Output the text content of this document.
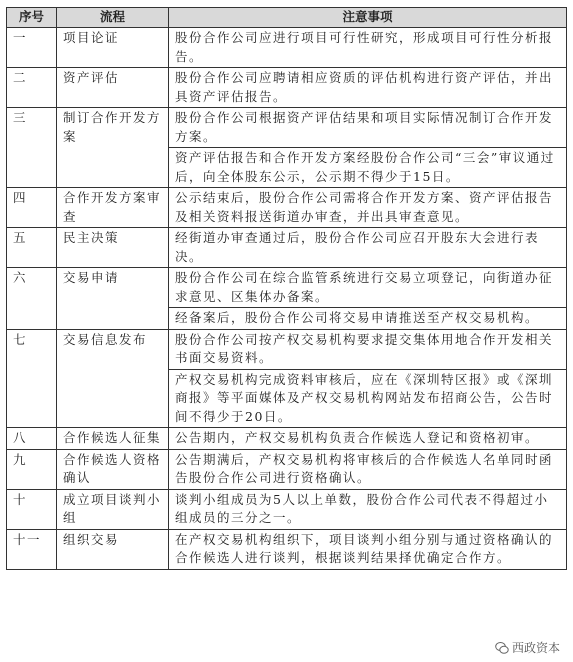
序号	流程	注意事项
一	项目论证	股份合作公司应进行项目可行性研究，形成项目可行性分析报告。
二	资产评估	股份合作公司应聘请相应资质的评估机构进行资产评估，并出具资产评估报告。
三	制订合作开发方案	股份合作公司根据资产评估结果和项目实际情况制订合作开发方案。
		资产评估报告和合作开发方案经股份合作公司“三会”审议通过后，向全体股东公示，公示期不得少于15日。
四	合作开发方案审查	公示结束后，股份合作公司需将合作开发方案、资产评估报告及相关资料报送街道办审查，并出具审查意见。
五	民主决策	经街道办审查通过后，股份合作公司应召开股东大会进行表决。
六	交易申请	股份合作公司在综合监管系统进行交易立项登记，向街道办征求意见、区集体办备案。
		经备案后，股份合作公司将交易申请推送至产权交易机构。
七	交易信息发布	股份合作公司按产权交易机构要求提交集体用地合作开发相关书面交易资料。
		产权交易机构完成资料审核后，应在《深圳特区报》或《深圳商报》等平面媒体及产权交易机构网站发布招商公告，公告时间不得少于20日。
八	合作候选人征集	公告期内，产权交易机构负责合作候选人登记和资格初审。
九	合作候选人资格确认	公告期满后，产权交易机构将审核后的合作候选人名单同时函告股份合作公司进行资格确认。
十	成立项目谈判小组	谈判小组成员为5人以上单数，股份合作公司代表不得超过小组成员的三分之一。
十一	组织交易	在产权交易机构组织下，项目谈判小组分别与通过资格确认的合作候选人进行谈判，根据谈判结果择优确定合作方。
西政资本
